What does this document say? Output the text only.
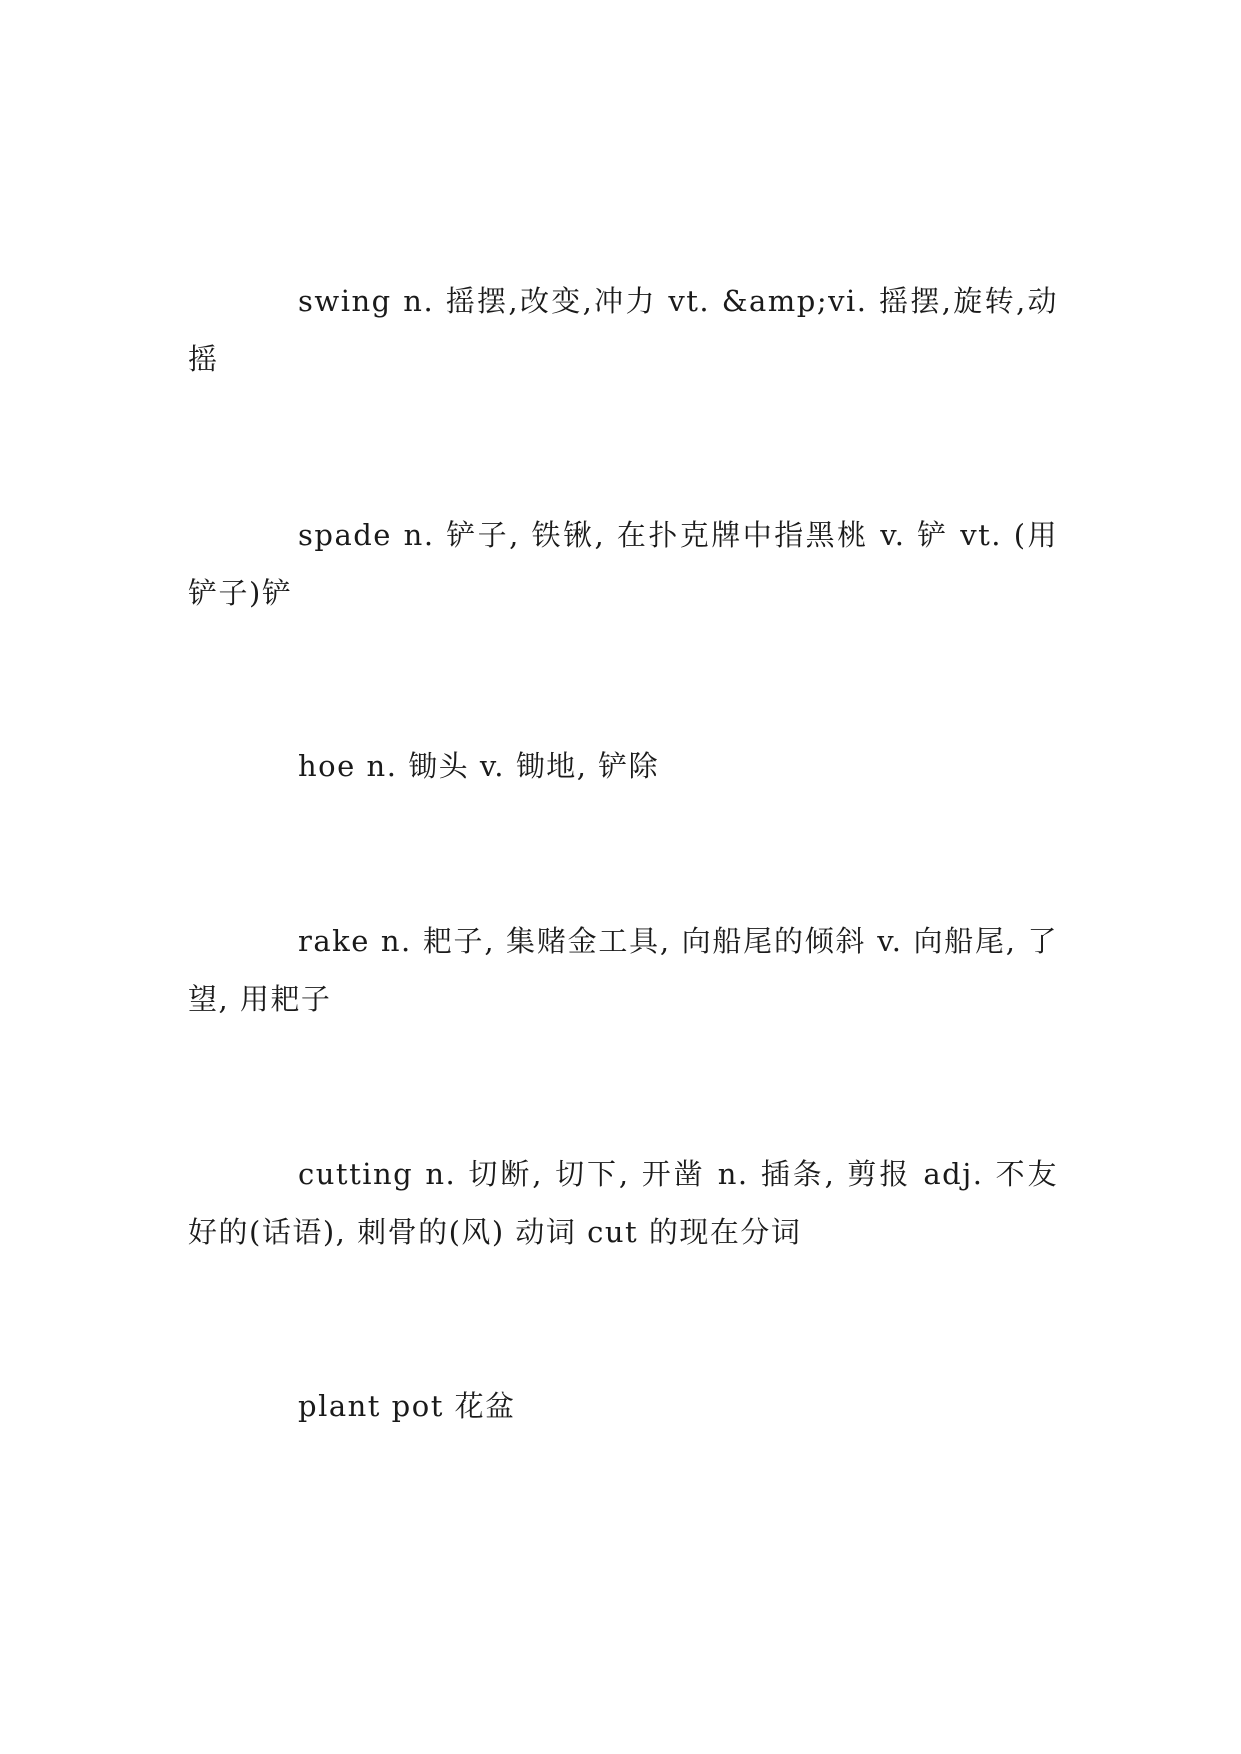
swing n. 摇摆,改变,冲力 vt. &amp;vi. 摇摆,旋转,动摇

spade n. 铲子, 铁锹, 在扑克牌中指黑桃 v. 铲 vt. (用铲子)铲

hoe n. 锄头 v. 锄地, 铲除

rake n. 耙子, 集赌金工具, 向船尾的倾斜 v. 向船尾, 了望, 用耙子

cutting n. 切断, 切下, 开凿 n. 插条, 剪报 adj. 不友好的(话语), 刺骨的(风) 动词 cut 的现在分词

plant pot 花盆
